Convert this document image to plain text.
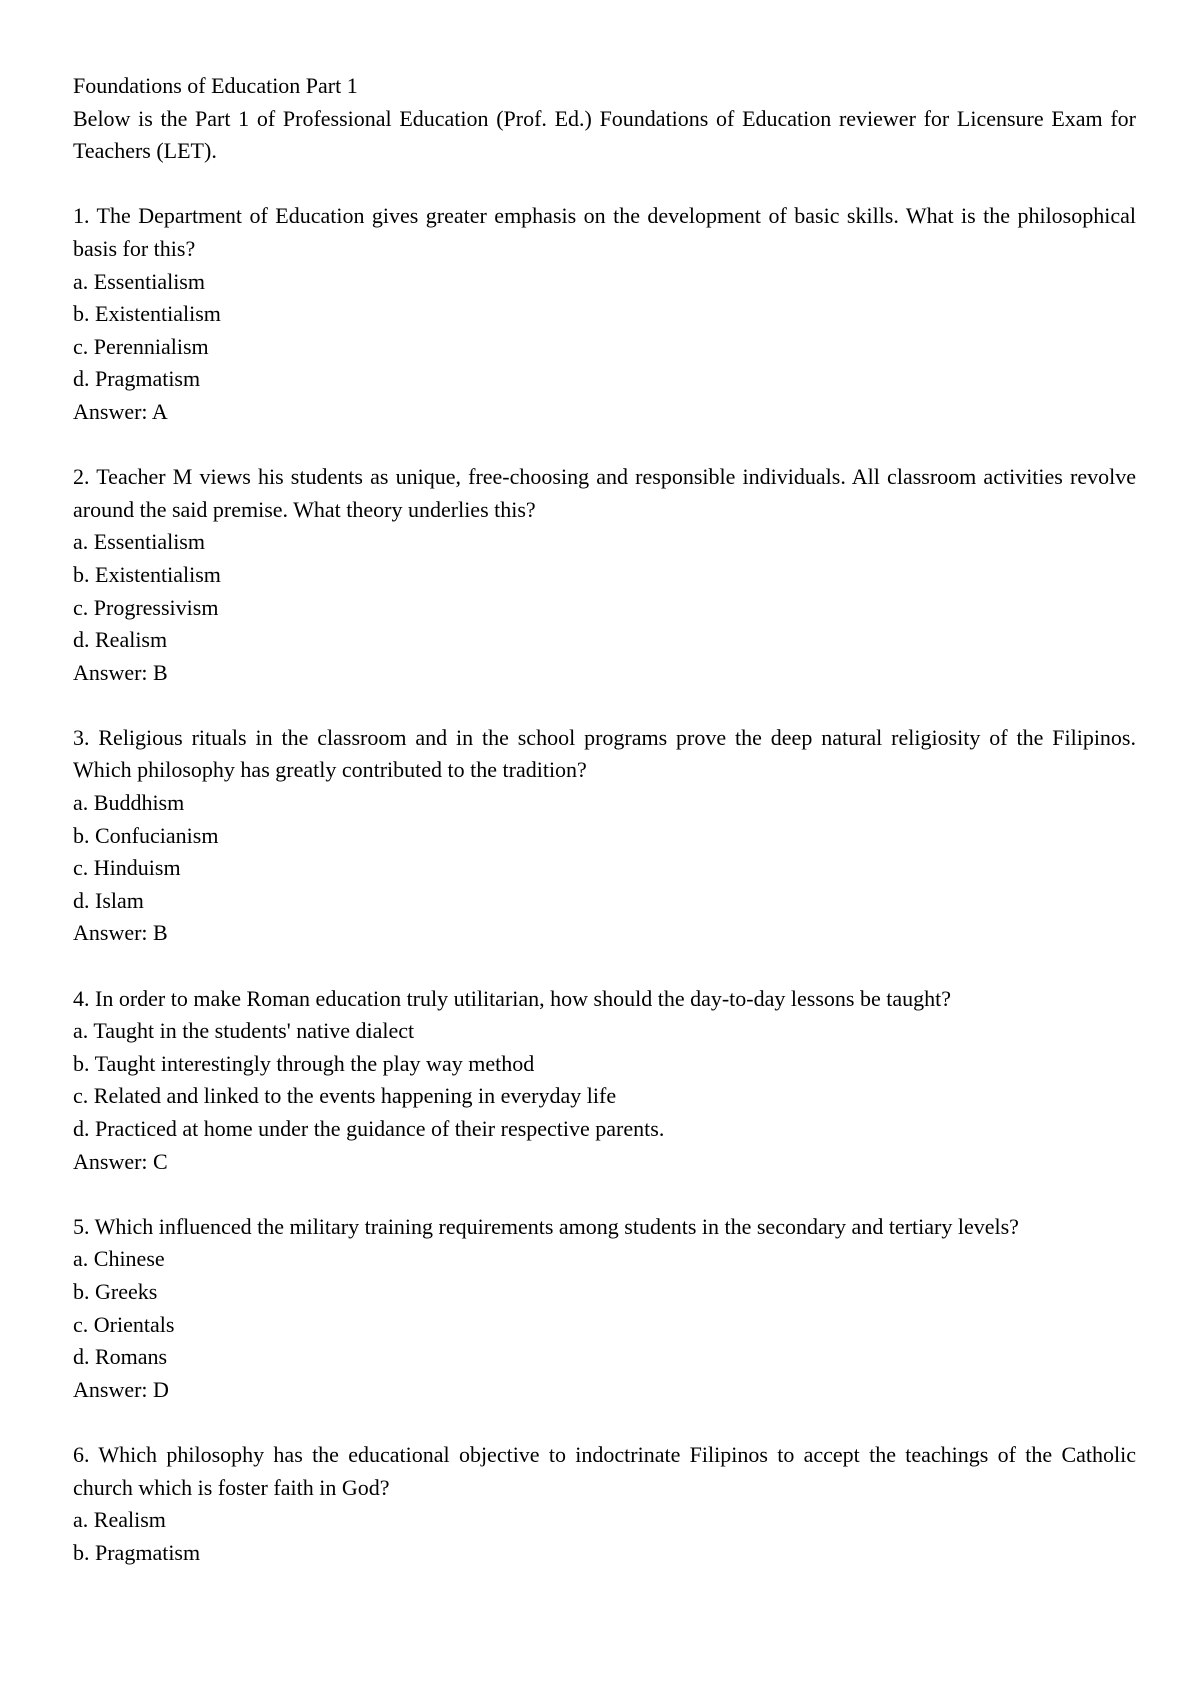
Foundations of Education Part 1

Below is the Part 1 of Professional Education (Prof. Ed.) Foundations of Education reviewer for Licensure Exam for Teachers (LET).

1. The Department of Education gives greater emphasis on the development of basic skills. What is the philosophical basis for this?

a. Essentialism

b. Existentialism

c. Perennialism

d. Pragmatism

Answer: A

2. Teacher M views his students as unique, free-choosing and responsible individuals. All classroom activities revolve around the said premise. What theory underlies this?

a. Essentialism

b. Existentialism

c. Progressivism

d. Realism

Answer: B

3. Religious rituals in the classroom and in the school programs prove the deep natural religiosity of the Filipinos. Which philosophy has greatly contributed to the tradition?

a. Buddhism

b. Confucianism

c. Hinduism

d. Islam

Answer: B

4. In order to make Roman education truly utilitarian, how should the day-to-day lessons be taught?

a. Taught in the students' native dialect

b. Taught interestingly through the play way method

c. Related and linked to the events happening in everyday life

d. Practiced at home under the guidance of their respective parents.

Answer: C

5. Which influenced the military training requirements among students in the secondary and tertiary levels?

a. Chinese

b. Greeks

c. Orientals

d. Romans

Answer: D

6. Which philosophy has the educational objective to indoctrinate Filipinos to accept the teachings of the Catholic church which is foster faith in God?

a. Realism

b. Pragmatism
